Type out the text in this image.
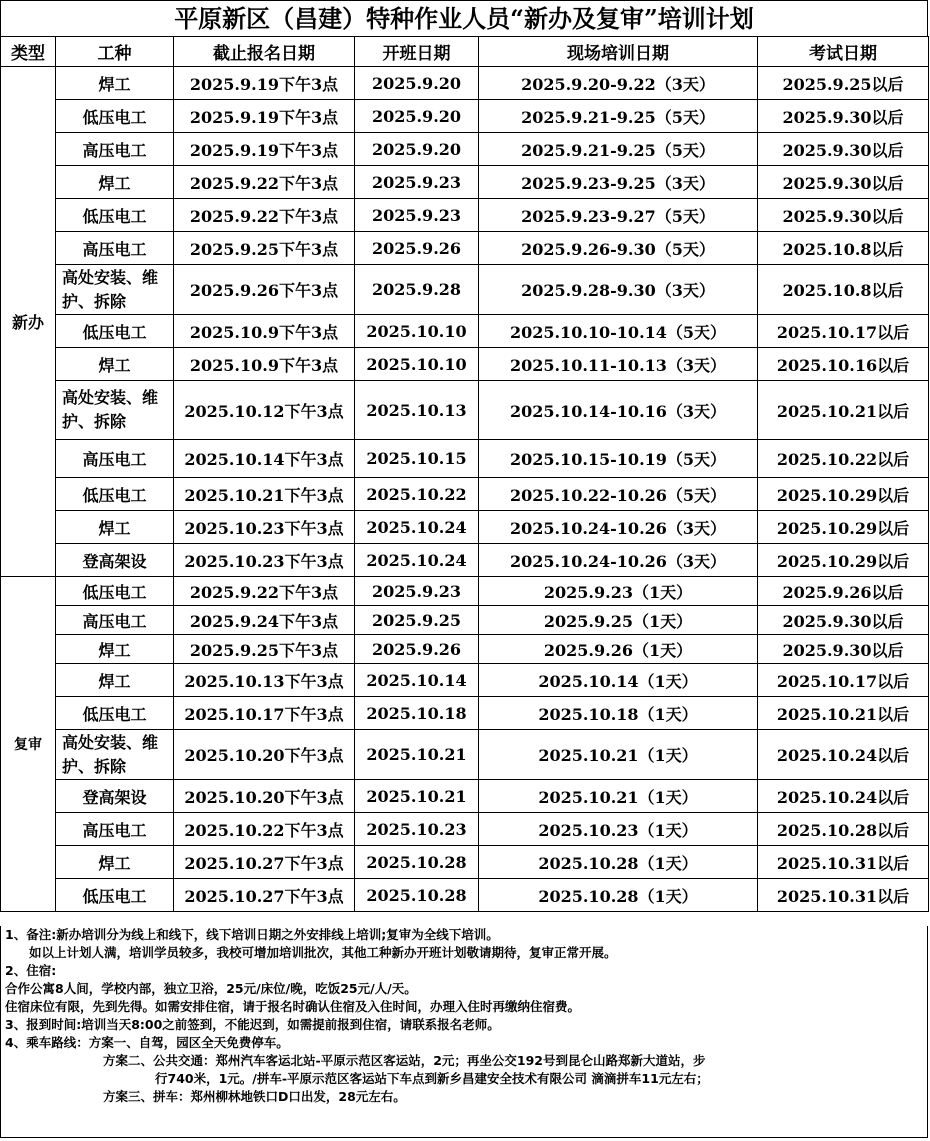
平原新区（昌建）特种作业人员“新办及复审”培训计划
类型	工种	截止报名日期	开班日期	现场培训日期	考试日期
新办	焊工	2025.9.19下午3点	2025.9.20	2025.9.20-9.22（3天）	2025.9.25以后
	低压电工	2025.9.19下午3点	2025.9.20	2025.9.21-9.25（5天）	2025.9.30以后
	高压电工	2025.9.19下午3点	2025.9.20	2025.9.21-9.25（5天）	2025.9.30以后
	焊工	2025.9.22下午3点	2025.9.23	2025.9.23-9.25（3天）	2025.9.30以后
	低压电工	2025.9.22下午3点	2025.9.23	2025.9.23-9.27（5天）	2025.9.30以后
	高压电工	2025.9.25下午3点	2025.9.26	2025.9.26-9.30（5天）	2025.10.8以后
	高处安装、维护、拆除	2025.9.26下午3点	2025.9.28	2025.9.28-9.30（3天）	2025.10.8以后
	低压电工	2025.10.9下午3点	2025.10.10	2025.10.10-10.14（5天）	2025.10.17以后
	焊工	2025.10.9下午3点	2025.10.10	2025.10.11-10.13（3天）	2025.10.16以后
	高处安装、维护、拆除	2025.10.12下午3点	2025.10.13	2025.10.14-10.16（3天）	2025.10.21以后
	高压电工	2025.10.14下午3点	2025.10.15	2025.10.15-10.19（5天）	2025.10.22以后
	低压电工	2025.10.21下午3点	2025.10.22	2025.10.22-10.26（5天）	2025.10.29以后
	焊工	2025.10.23下午3点	2025.10.24	2025.10.24-10.26（3天）	2025.10.29以后
	登高架设	2025.10.23下午3点	2025.10.24	2025.10.24-10.26（3天）	2025.10.29以后
复审	低压电工	2025.9.22下午3点	2025.9.23	2025.9.23（1天）	2025.9.26以后
	高压电工	2025.9.24下午3点	2025.9.25	2025.9.25（1天）	2025.9.30以后
	焊工	2025.9.25下午3点	2025.9.26	2025.9.26（1天）	2025.9.30以后
	焊工	2025.10.13下午3点	2025.10.14	2025.10.14（1天）	2025.10.17以后
	低压电工	2025.10.17下午3点	2025.10.18	2025.10.18（1天）	2025.10.21以后
	高处安装、维护、拆除	2025.10.20下午3点	2025.10.21	2025.10.21（1天）	2025.10.24以后
	登高架设	2025.10.20下午3点	2025.10.21	2025.10.21（1天）	2025.10.24以后
	高压电工	2025.10.22下午3点	2025.10.23	2025.10.23（1天）	2025.10.28以后
	焊工	2025.10.27下午3点	2025.10.28	2025.10.28（1天）	2025.10.31以后
	低压电工	2025.10.27下午3点	2025.10.28	2025.10.28（1天）	2025.10.31以后
1、备注:新办培训分为线上和线下，线下培训日期之外安排线上培训;复审为全线下培训。
如以上计划人满，培训学员较多，我校可增加培训批次，其他工种新办开班计划敬请期待，复审正常开展。
2、住宿:
合作公寓8人间，学校内部，独立卫浴，25元/床位/晚，吃饭25元/人/天。
住宿床位有限，先到先得。如需安排住宿，请于报名时确认住宿及入住时间，办理入住时再缴纳住宿费。
3、报到时间:培训当天8:00之前签到，不能迟到，如需提前报到住宿，请联系报名老师。
4、乘车路线：方案一、自驾，园区全天免费停车。
方案二、公共交通：郑州汽车客运北站-平原示范区客运站，2元；再坐公交192号到昆仑山路郑新大道站，步
行740米，1元。/拼车-平原示范区客运站下车点到新乡昌建安全技术有限公司 滴滴拼车11元左右；
方案三、拼车：郑州柳林地铁口D口出发，28元左右。
